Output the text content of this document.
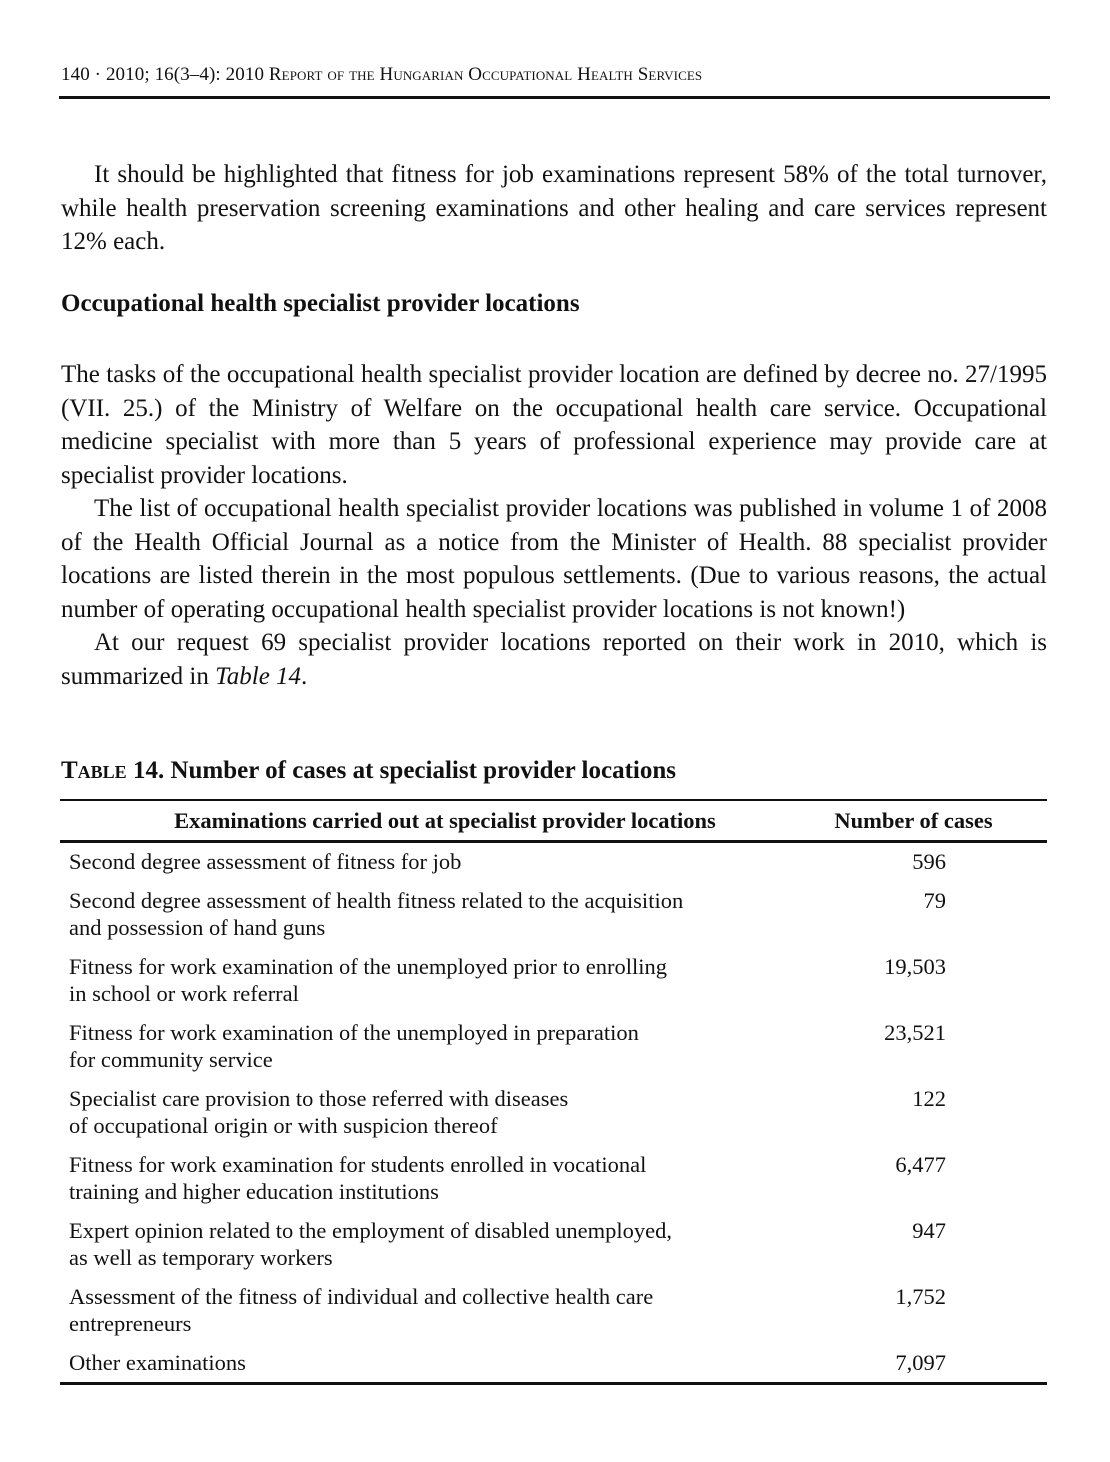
140 · 2010; 16(3–4): 2010 Report of the Hungarian Occupational Health Services

It should be highlighted that fitness for job examinations represent 58% of the total turnover, while health preservation screening examinations and other healing and care services represent 12% each.

Occupational health specialist provider locations

The tasks of the occupational health specialist provider location are defined by decree no. 27/1995 (VII. 25.) of the Ministry of Welfare on the occupational health care service. Occupational medicine specialist with more than 5 years of professional experience may provide care at specialist provider locations.

The list of occupational health specialist provider locations was published in volume 1 of 2008 of the Health Official Journal as a notice from the Minister of Health. 88 specialist provider locations are listed therein in the most populous settlements. (Due to various reasons, the actual number of operating occupational health specialist provider locations is not known!)

At our request 69 specialist provider locations reported on their work in 2010, which is summarized in Table 14.

Table 14. Number of cases at specialist provider locations
Examinations carried out at specialist provider locations	Number of cases

Second degree assessment of fitness for job	596

Second degree assessment of health fitness related to the acquisition
and possession of hand guns	79

Fitness for work examination of the unemployed prior to enrolling
in school or work referral	19,503

Fitness for work examination of the unemployed in preparation
for community service	23,521

Specialist care provision to those referred with diseases
of occupational origin or with suspicion thereof	122

Fitness for work examination for students enrolled in vocational
training and higher education institutions	6,477

Expert opinion related to the employment of disabled unemployed,
as well as temporary workers	947

Assessment of the fitness of individual and collective health care
entrepreneurs	1,752

Other examinations	7,097
